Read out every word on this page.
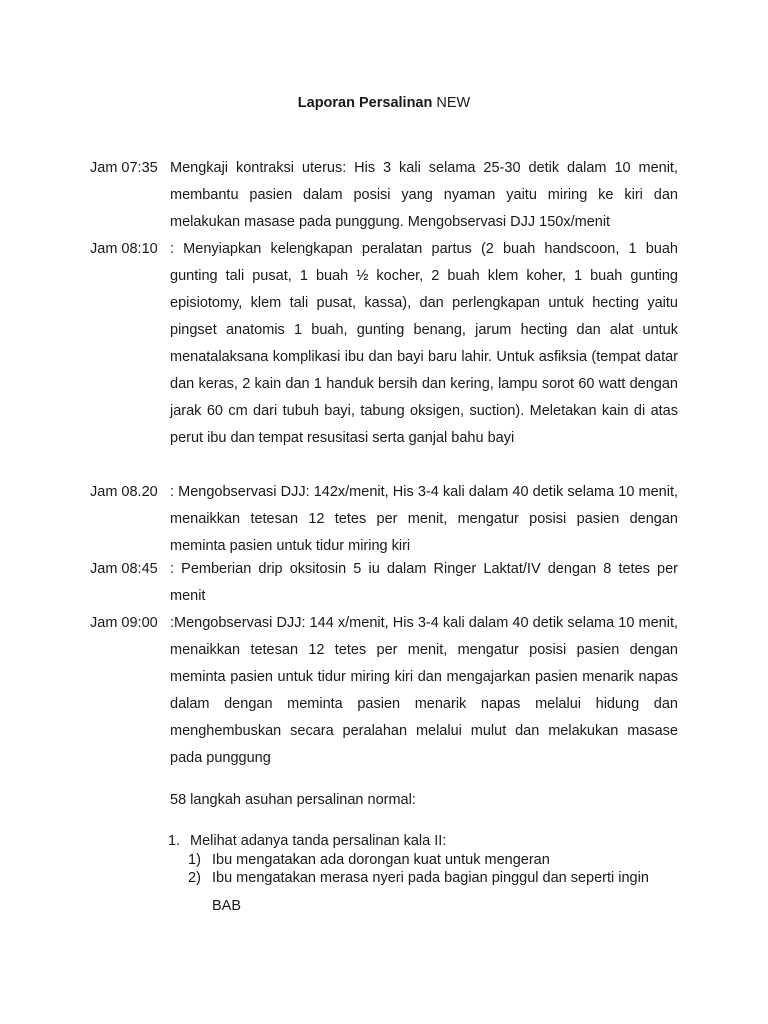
Laporan Persalinan NEW
Jam 07:35 Mengkaji kontraksi uterus: His 3 kali selama 25-30 detik dalam 10 menit, membantu pasien dalam posisi yang nyaman yaitu miring ke kiri dan melakukan masase pada punggung. Mengobservasi DJJ 150x/menit
Jam 08:10 : Menyiapkan kelengkapan peralatan partus (2 buah handscoon, 1 buah gunting tali pusat, 1 buah ½ kocher, 2 buah klem koher, 1 buah gunting episiotomy, klem tali pusat, kassa), dan perlengkapan untuk hecting yaitu pingset anatomis 1 buah, gunting benang, jarum hecting dan alat untuk menatalaksana komplikasi ibu dan bayi baru lahir. Untuk asfiksia (tempat datar dan keras, 2 kain dan 1 handuk bersih dan kering, lampu sorot 60 watt dengan jarak 60 cm dari tubuh bayi, tabung oksigen, suction). Meletakan kain di atas perut ibu dan tempat resusitasi serta ganjal bahu bayi
Jam 08.20 : Mengobservasi DJJ: 142x/menit, His 3-4 kali dalam 40 detik selama 10 menit, menaikkan tetesan 12 tetes per menit, mengatur posisi pasien dengan meminta pasien untuk tidur miring kiri
Jam 08:45 : Pemberian drip oksitosin 5 iu dalam Ringer Laktat/IV dengan 8 tetes per menit
Jam 09:00 :Mengobservasi DJJ: 144 x/menit, His 3-4 kali dalam 40 detik selama 10 menit, menaikkan tetesan 12 tetes per menit, mengatur posisi pasien dengan meminta pasien untuk tidur miring kiri dan mengajarkan pasien menarik napas dalam dengan meminta pasien menarik napas melalui hidung dan menghembuskan secara peralahan melalui mulut dan melakukan masase pada punggung
58 langkah asuhan persalinan normal:
1. Melihat adanya tanda persalinan kala II:
1) Ibu mengatakan ada dorongan kuat untuk mengeran
2) Ibu mengatakan merasa nyeri pada bagian pinggul dan seperti ingin
BAB
